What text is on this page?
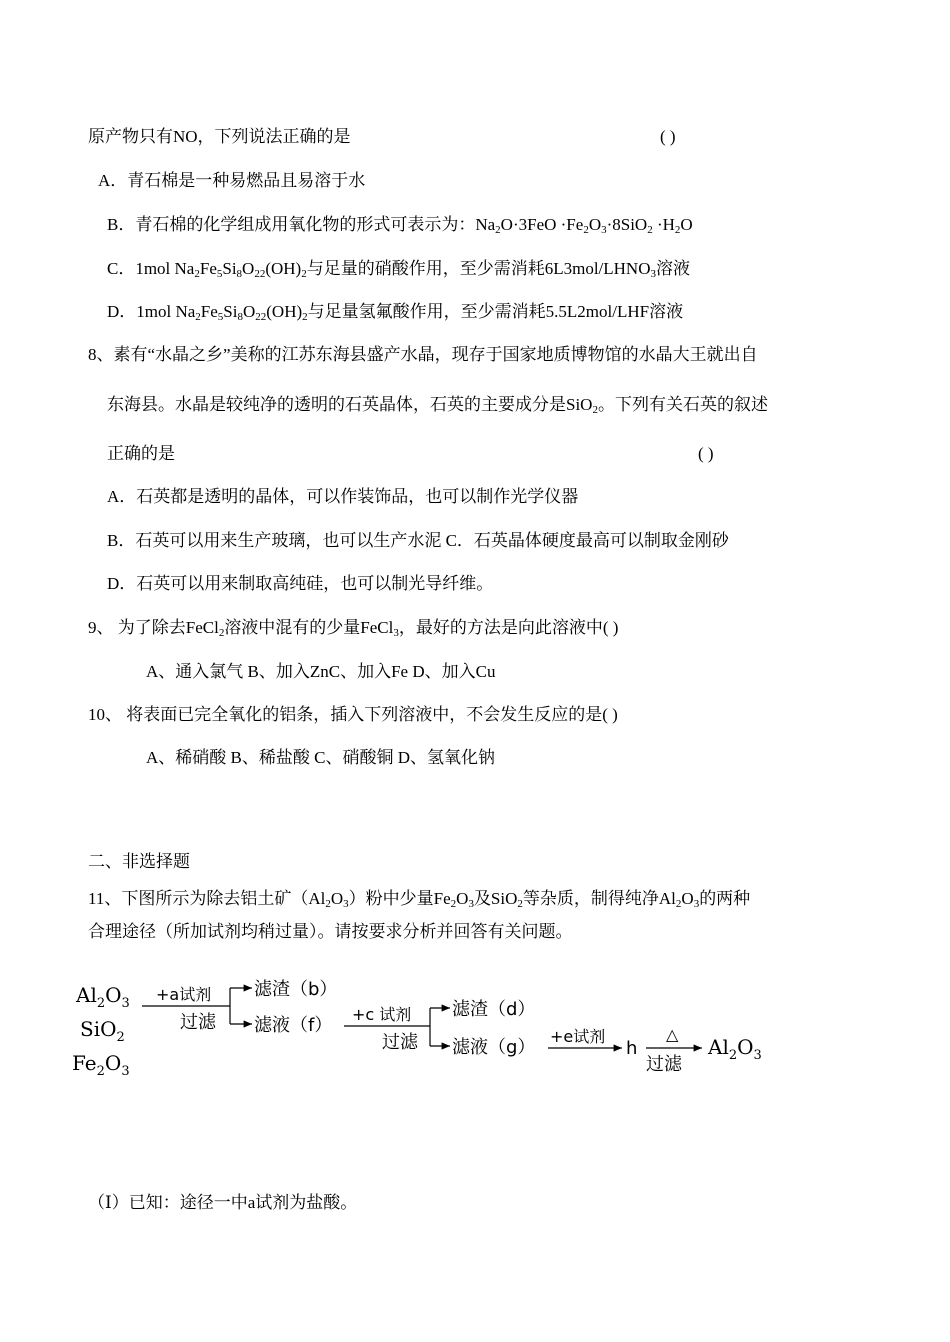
原产物只有NO，下列说法正确的是	( )
A．青石棉是一种易燃品且易溶于水
B．青石棉的化学组成用氧化物的形式可表示为：$Na_2O\cdot 3FeO \cdot Fe_2O_3\cdot 8SiO_2 \cdot H_2O$
C．1mol $Na_2Fe_5Si_8O_{22}(OH)_2$与足量的硝酸作用，至少需消耗$6L3mol/LHNO_3$溶液
D．1mol $Na_2Fe_5Si_8O_{22}(OH)_2$与足量氢氟酸作用，至少需消耗5.5L2mol/LHF溶液
8、素有“水晶之乡”美称的江苏东海县盛产水晶，现存于国家地质博物馆的水晶大王就出自
东海县。水晶是较纯净的透明的石英晶体，石英的主要成分是SiO$_2$。下列有关石英的叙述
正确的是	( )
A．石英都是透明的晶体，可以作装饰品，也可以制作光学仪器
B．石英可以用来生产玻璃，也可以生产水泥 C．石英晶体硬度最高可以制取金刚砂
D．石英可以用来制取高纯硅，也可以制光导纤维。
9、 为了除去FeCl$_2$溶液中混有的少量FeCl$_3$，最好的方法是向此溶液中( )
A、通入氯气 B、加入ZnC、加入Fe D、加入Cu
10、 将表面已完全氧化的铝条，插入下列溶液中，不会发生反应的是( )
A、稀硝酸 B、稀盐酸 C、硝酸铜 D、氢氧化钠
二、非选择题
11、下图所示为除去铝土矿$(Al_2O_3)$粉中少量$Fe_2O_3$及SiO$_2$等杂质，制得纯净$Al_2O_3$的两种
合理途径（所加试剂均稍过量）。请按要求分析并回答有关问题。
$Al_2O_3$
SiO$_2$
$Fe_2O_3$
+a试剂
过滤
滤渣（b）
滤液（f）
+c 试剂
过滤
滤渣（d）
滤液（g）
+e试剂
h
△
过滤
$Al_2O_3$
（Ⅰ）已知：途径一中a试剂为盐酸。
